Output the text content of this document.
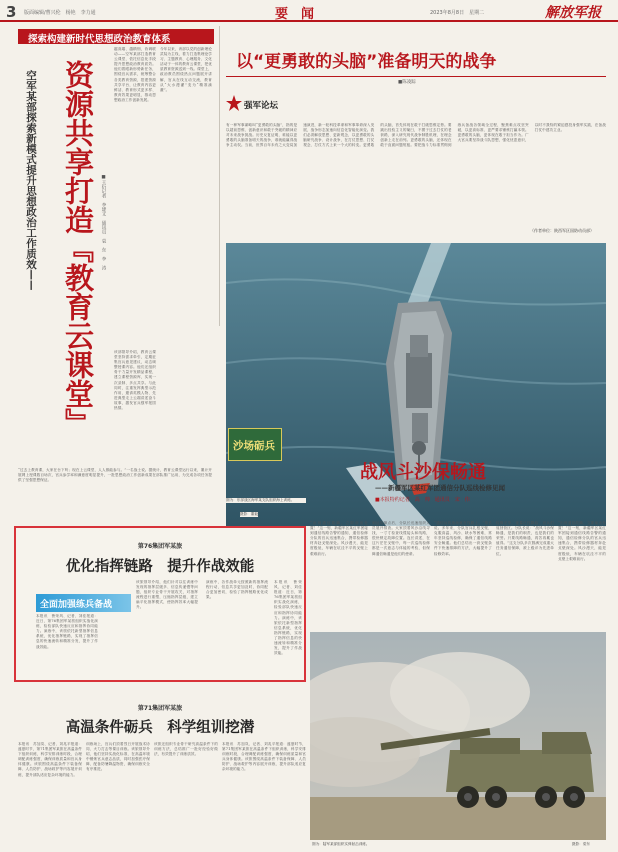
3 版面编辑/曹兴伦　杨艳　李力通	要　闻	2023年8月8日　星期二	解放军报
探索构建新时代思想政治教育体系
空军某部探索新模式提升思想政治工作质效—— 资源共享打造『教育云课堂』	■王衍记者　李建文　通讯员　袁　东　李　涛
越高端、越精细，协调联动——空军某部打造教育云课堂，依托信息化手段提升思想政治教育质效。他们着眼新形势新任务，围绕官兵需求，统筹整合各类教育资源，搭建资源共享平台，让教育内容更鲜活、教育形式更多样、教育效果更明显，推动思想政治工作创新发展。
今年以来，该部以党的创新理论武装为主线，着力打造集理论学习、主题教育、心理服务、文化活动于一体的教育云课堂，把优质教育资源送到一线。课堂上，政治教员围绕热点问题展开讲解，官兵在线互动交流，教育从“大水漫灌”变为“精准滴灌”。
该部领导介绍，教育云课堂坚持需求牵引，定期征集官兵意见建议，动态调整授课内容。他们还组织骨干力量开发精品课程，建立课程资源库，实现一次录制、多点共享。与此同时，注重发挥典型示范作用，邀请英模人物、先进典型走上云端讲述奋斗故事，激发官兵强军报国热情。
“过去上教育课，大家在台下听；现在上云课堂，人人都能参与。”一名战士说。据统计，教育云课堂运行以来，累计开展网上授课数百场次，官兵参学率和满意度明显提升，一批思想政治工作创新成果在部队推广运用，为完成各项任务提供了坚强思想保证。
以“更勇敢的头脑”准备明天的战争
■陈凌踪
强军论坛
有一种军事谋略叫“更勇敢的头脑”，指的是以超前思维、创新意识和敢于突破的精神应对未来战争挑战。历史反复证明，谁能以更勇敢的头脑准备明天的战争，谁就能赢得战争主动权。当前，世界百年未有之大变局加速演进，新一轮科技革命和军事革命深入发展，战争形态加速向信息化智能化演变。我们必须解放思想、更新观念，以更勇敢的头脑研究战争、设计战争，在打仗思想、打仗观念、打仗方式上来一个大的转变。更勇敢的头脑，首先体现在敢于打破思维定势。要跳出经验主义的窠臼，不囿于过去打仗的老套路，深入研究现代战争制胜机理，在理念创新上走在前列。更勇敢的头脑，还体现在敢于直面问题短板。要把战斗力标准贯彻到练兵备战各领域全过程，聚焦难点攻坚突破，以更高标准、更严要求锤炼打赢本领。更勇敢的头脑，更体现在敢于担当作为。广大官兵要坚持战斗队思想，强化忧患意识，以时不我待的紧迫感投身强军实践，在备战打仗中建功立业。
（作者单位：陕西军区国防动员部）
沙场砺兵
图为：东部战区海军某支队组织海上训练。
摄影：董毅
战风斗沙保畅通
——新疆军区某红军团通信分队巡线检修见闻
■本报特约记者　高　帅　通讯员　宋　伟
“出现通信故障，立即前出处置！”这一刻，新疆军区某红军团接到通信线路告警的通知，通信检修分队的官兵迅速集合，携带检修器材奔赴戈壁深处。风沙漫天，能见度极低，车辆在坑洼不平的戈壁上艰难前行。
到达故障点后，分队长迅速组织人员展开排查。大家顶着风沙沿线寻找，一寸寸检查线缆接头和线路，很快锁定故障位置。连长讲述，在这片茫茫戈壁中，每一次巡线检修都是一次意志与体能的考验，但保障通信畅通是他们的使命。
“通信兵的战场就在线路上。”排长说。多年来，分队官兵扎根戈壁，克服高温、风沙、缺水等困难，常年坚持巡线检修，确保了通信线路安全畅通。他们总结出一套戈壁条件下快速排障的方法，大幅提升了检修效率。
检修完毕，夜幕已经降临，官兵们返回营区。分队长说：“战风斗沙保畅通，是我们的职责，也是我们的荣誉。只要线路畅通，再苦再累也值得。”这支分队多次圆满完成重大任务通信保障，被上级评为先进单位。
“出现通信故障，立即前出处置！”这一刻，新疆军区某红军团接到通信线路告警的通知，通信检修分队的官兵迅速集合，携带检修器材奔赴戈壁深处。风沙漫天，能见度极低，车辆在坑洼不平的戈壁上艰难前行。
第76集团军某旅
优化指挥链路　提升作战效能
全面加强练兵备战
本报讯　鲁荣风、记者、刘佳报道：近日，第76集团军某旅组织实战化演练，检验部队快速反应和指挥协同能力。演练中，该旅依托新型指挥信息系统，优化指挥链路，实现了指挥信息的快速流转和精准分发，提升了作战效能。
该旅领导介绍，他们针对以往训练中发现的指挥层级多、信息传递慢等问题，组织专业骨干开展攻关，对指挥流程进行重塑，压缩指挥层级，建立扁平化指挥模式，使指挥效率大幅提升。
演练中，各作战单元按照新的指挥流程行动，信息共享更加及时，协同配合更加密切，检验了指挥链路优化成果。
本报讯　鲁荣风、记者、刘佳报道：近日，第76集团军某旅组织实战化演练，检验部队快速反应和指挥协同能力。演练中，该旅依托新型指挥信息系统，优化指挥链路，实现了指挥信息的快速流转和精准分发，提升了作战效能。
第71集团军某旅
高温条件砺兵　科学组训挖潜
本报讯　苏加岚、记者、刘兆平报道：盛夏时节，第71集团军某旅在高温条件下组织训练，科学安排训练时段，合理调配训练强度，确保训练质量和官兵身体健康。该旅围绕高温条件下装备保障、人员防护、战场救护等内容展开训练，提升部队适应复杂环境的能力。
训练场上，官兵们顶着烈日开展战术协同、火力打击等课目训练。该旅领导介绍，他们坚持实战化标准，在高温环境中锤炼官兵意志品质，同时加强医疗保障，配备防暑降温物资，确保训练安全有序推进。
该旅还组织专业骨干研究高温条件下的训练方法，总结推广一批好经验好做法，有效提升了训练质效。
本报讯　苏加岚、记者、刘兆平报道：盛夏时节，第71集团军某旅在高温条件下组织训练，科学安排训练时段，合理调配训练强度，确保训练质量和官兵身体健康。该旅围绕高温条件下装备保障、人员防护、战场救护等内容展开训练，提升部队适应复杂环境的能力。
图为：陆军某部组织实弹射击训练。	摄影：梁东
